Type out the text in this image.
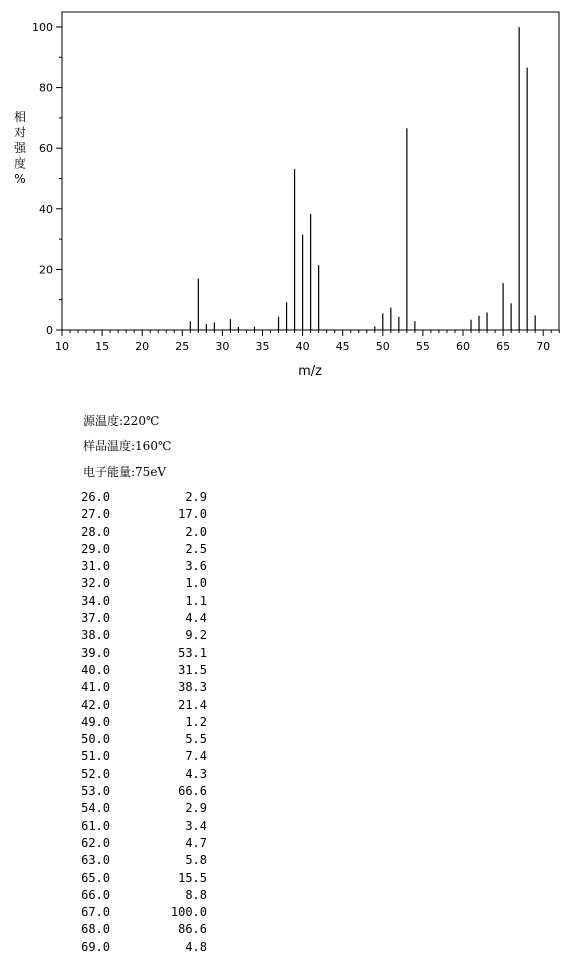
10 15 20 25 30 35 40 45 50 55 60 65 70
0
20
40
60
80
100
m/z
相对强度%
源温度:220℃
样品温度:160℃
电子能量:75eV
26.0	2.9
27.0	17.0
28.0	2.0
29.0	2.5
31.0	3.6
32.0	1.0
34.0	1.1
37.0	4.4
38.0	9.2
39.0	53.1
40.0	31.5
41.0	38.3
42.0	21.4
49.0	1.2
50.0	5.5
51.0	7.4
52.0	4.3
53.0	66.6
54.0	2.9
61.0	3.4
62.0	4.7
63.0	5.8
65.0	15.5
66.0	8.8
67.0	100.0
68.0	86.6
69.0	4.8
